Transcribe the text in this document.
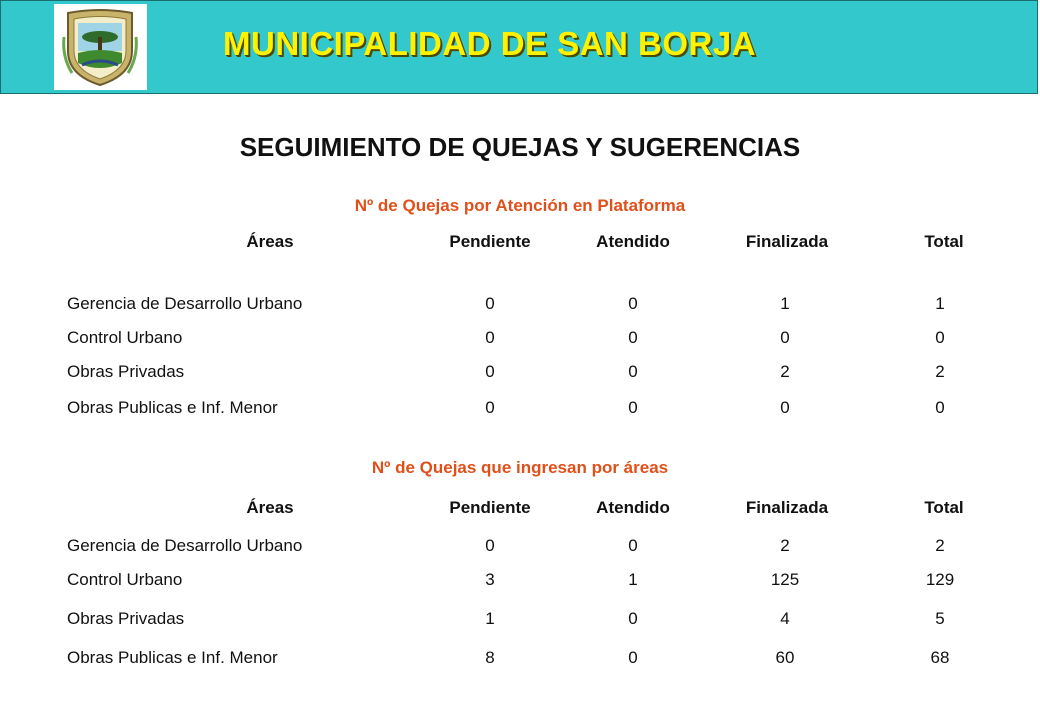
MUNICIPALIDAD DE SAN BORJA
SEGUIMIENTO DE QUEJAS Y SUGERENCIAS
Nº de Quejas por Atención en Plataforma
Áreas	Pendiente	Atendido	Finalizada	Total
Gerencia de Desarrollo Urbano	0	0	1	1
Control Urbano	0	0	0	0
Obras Privadas	0	0	2	2
Obras Publicas e Inf. Menor	0	0	0	0
Nº de Quejas que ingresan por áreas
Áreas	Pendiente	Atendido	Finalizada	Total
Gerencia de Desarrollo Urbano	0	0	2	2
Control Urbano	3	1	125	129
Obras Privadas	1	0	4	5
Obras Publicas e Inf. Menor	8	0	60	68
